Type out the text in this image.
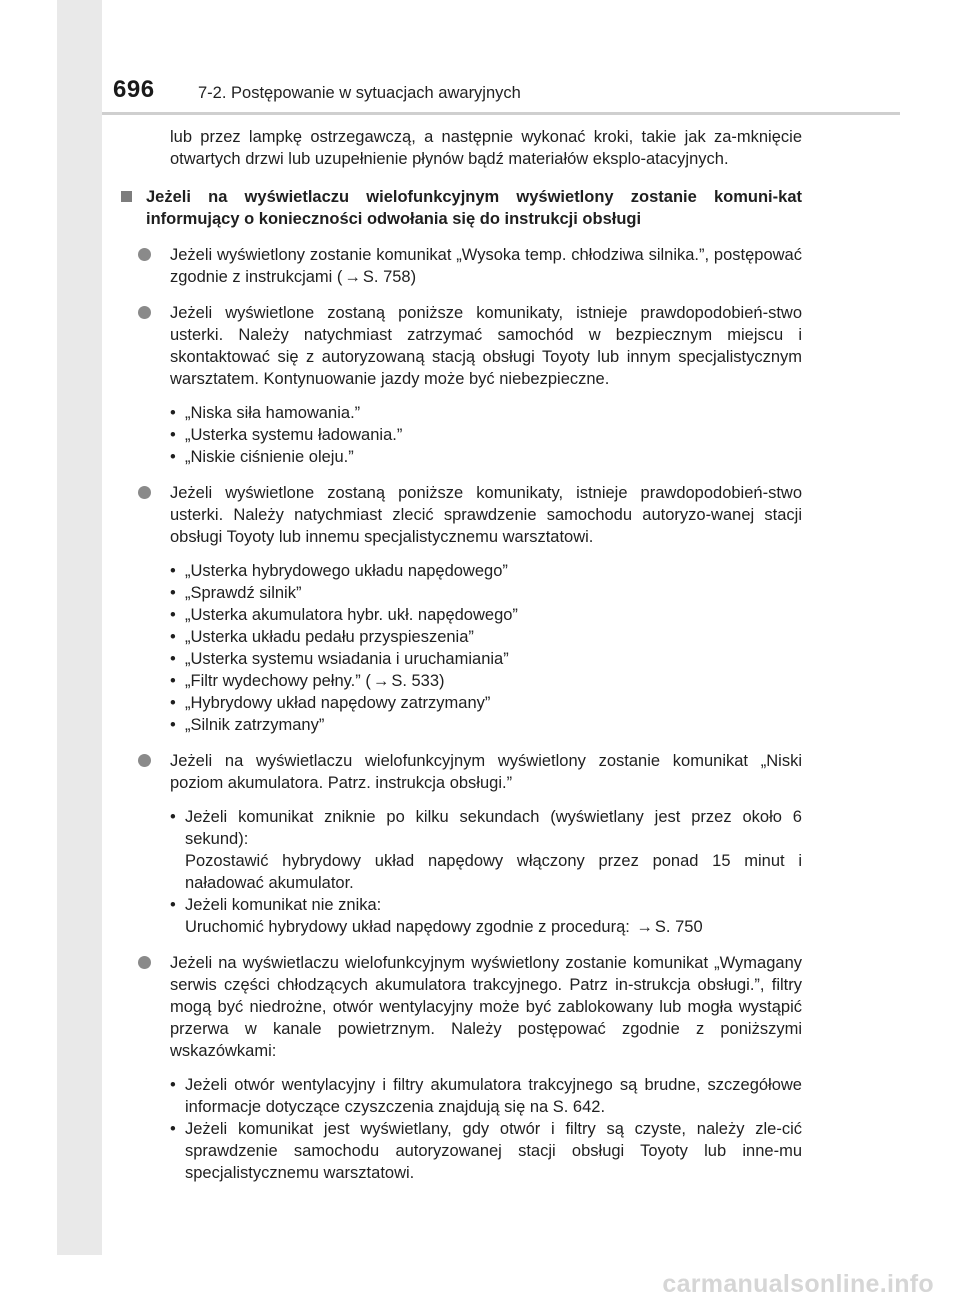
696	7-2. Postępowanie w sytuacjach awaryjnych

lub przez lampkę ostrzegawczą, a następnie wykonać kroki, takie jak za-mknięcie otwartych drzwi lub uzupełnienie płynów bądź materiałów eksplo-atacyjnych.

Jeżeli na wyświetlaczu wielofunkcyjnym wyświetlony zostanie komuni-kat informujący o konieczności odwołania się do instrukcji obsługi

Jeżeli wyświetlony zostanie komunikat „Wysoka temp. chłodziwa silnika.”, postępować zgodnie z instrukcjami ( → S. 758)

Jeżeli wyświetlone zostaną poniższe komunikaty, istnieje prawdopodobień-stwo usterki. Należy natychmiast zatrzymać samochód w bezpiecznym miejscu i skontaktować się z autoryzowaną stacją obsługi Toyoty lub innym specjalistycznym warsztatem. Kontynuowanie jazdy może być niebezpieczne.

• „Niska siła hamowania.”
• „Usterka systemu ładowania.”
• „Niskie ciśnienie oleju.”

Jeżeli wyświetlone zostaną poniższe komunikaty, istnieje prawdopodobień-stwo usterki. Należy natychmiast zlecić sprawdzenie samochodu autoryzo-wanej stacji obsługi Toyoty lub innemu specjalistycznemu warsztatowi.

• „Usterka hybrydowego układu napędowego”
• „Sprawdź silnik”
• „Usterka akumulatora hybr. ukł. napędowego”
• „Usterka układu pedału przyspieszenia”
• „Usterka systemu wsiadania i uruchamiania”
• „Filtr wydechowy pełny.” ( → S. 533)
• „Hybrydowy układ napędowy zatrzymany”
• „Silnik zatrzymany”

Jeżeli na wyświetlaczu wielofunkcyjnym wyświetlony zostanie komunikat „Niski poziom akumulatora. Patrz. instrukcja obsługi.”

• Jeżeli komunikat zniknie po kilku sekundach (wyświetlany jest przez około 6 sekund):
Pozostawić hybrydowy układ napędowy włączony przez ponad 15 minut i naładować akumulator.
• Jeżeli komunikat nie znika:
Uruchomić hybrydowy układ napędowy zgodnie z procedurą: → S. 750

Jeżeli na wyświetlaczu wielofunkcyjnym wyświetlony zostanie komunikat „Wymagany serwis części chłodzących akumulatora trakcyjnego. Patrz in-strukcja obsługi.”, filtry mogą być niedrożne, otwór wentylacyjny może być zablokowany lub mogła wystąpić przerwa w kanale powietrznym. Należy postępować zgodnie z poniższymi wskazówkami:

• Jeżeli otwór wentylacyjny i filtry akumulatora trakcyjnego są brudne, szczegółowe informacje dotyczące czyszczenia znajdują się na S. 642.
• Jeżeli komunikat jest wyświetlany, gdy otwór i filtry są czyste, należy zle-cić sprawdzenie samochodu autoryzowanej stacji obsługi Toyoty lub inne-mu specjalistycznemu warsztatowi.
carmanualsonline.info
